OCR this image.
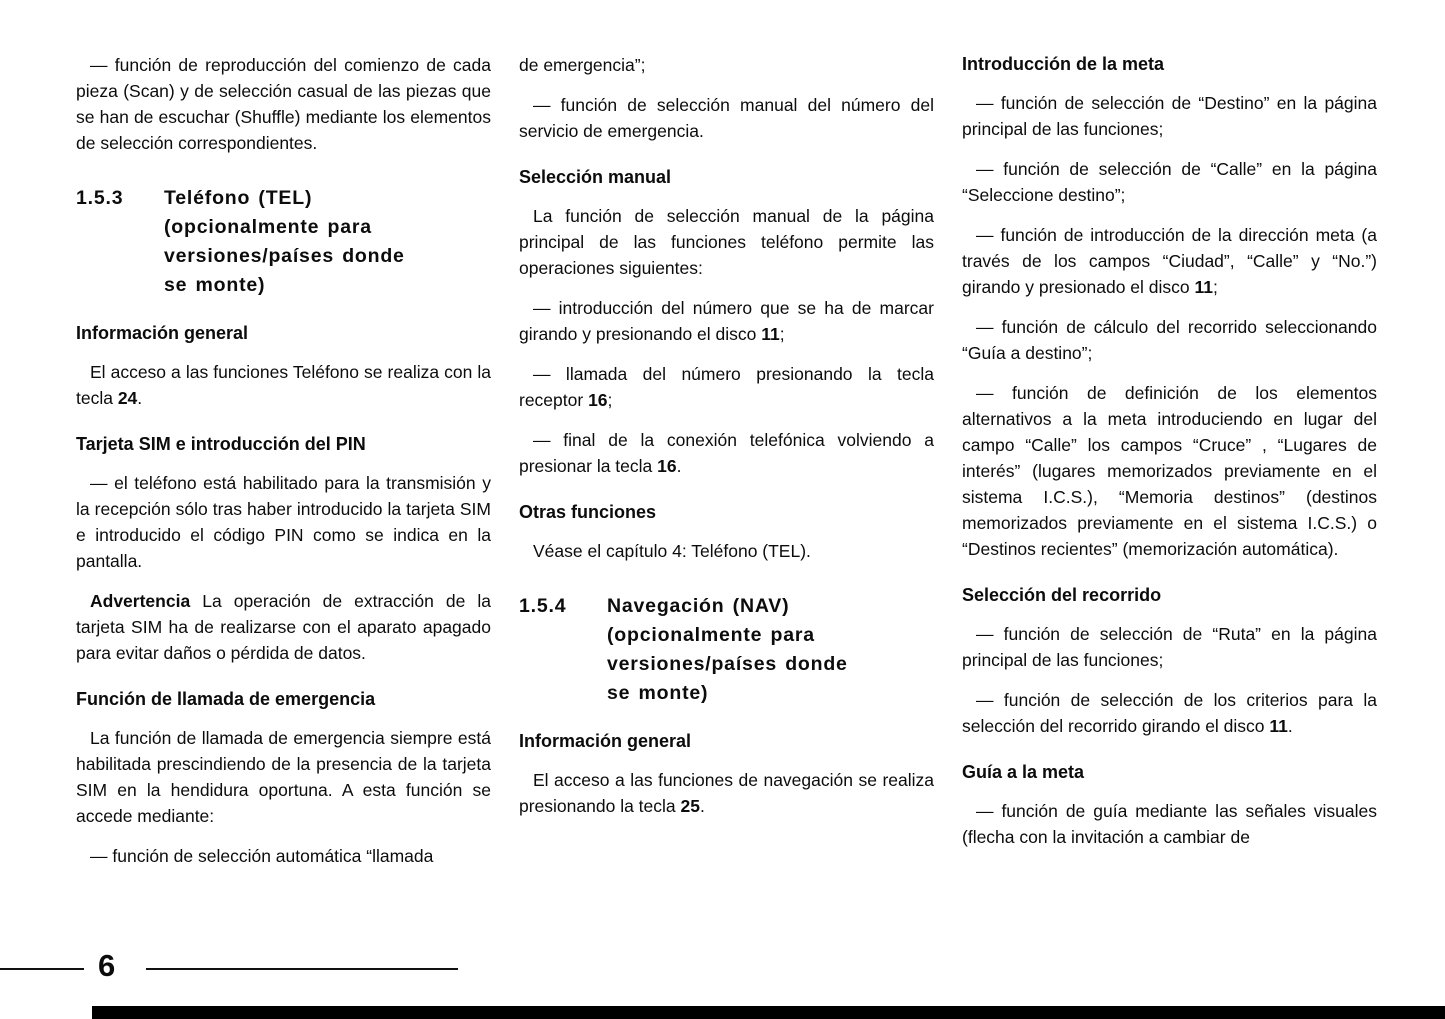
— función de reproducción del comienzo de cada pieza (Scan) y de selección casual de las piezas que se han de escuchar (Shuffle) mediante los elementos de selección correspondientes.

1.5.3	Teléfono (TEL)
(opcionalmente para
versiones/países donde
se monte)
Información general

El acceso a las funciones Teléfono se realiza con la tecla 24.

Tarjeta SIM e introducción del PIN

— el teléfono está habilitado para la transmisión y la recepción sólo tras haber introducido la tarjeta SIM e introducido el código PIN como se indica en la pantalla.

Advertencia La operación de extracción de la tarjeta SIM ha de realizarse con el aparato apagado para evitar daños o pérdida de datos.

Función de llamada de emergencia

La función de llamada de emergencia siempre está habilitada prescindiendo de la presencia de la tarjeta SIM en la hendidura oportuna. A esta función se accede mediante:

— función de selección automática “llamada

de emergencia”;

— función de selección manual del número del servicio de emergencia.

Selección manual

La función de selección manual de la página principal de las funciones teléfono permite las operaciones siguientes:

— introducción del número que se ha de marcar girando y presionando el disco 11;

— llamada del número presionando la tecla receptor 16;

— final de la conexión telefónica volviendo a presionar la tecla 16.

Otras funciones

Véase el capítulo 4: Teléfono (TEL).

1.5.4	Navegación (NAV)
(opcionalmente para
versiones/países donde
se monte)
Información general

El acceso a las funciones de navegación se realiza presionando la tecla 25.

Introducción de la meta

— función de selección de “Destino” en la página principal de las funciones;

— función de selección de “Calle” en la página “Seleccione destino”;

— función de introducción de la dirección meta (a través de los campos “Ciudad”, “Calle” y “No.”) girando y presionado el disco 11;

— función de cálculo del recorrido seleccionando “Guía a destino”;

— función de definición de los elementos alternativos a la meta introduciendo en lugar del campo “Calle” los campos “Cruce” , “Lugares de interés” (lugares memorizados previamente en el sistema I.C.S.), “Memoria destinos” (destinos memorizados previamente en el sistema I.C.S.) o “Destinos recientes” (memorización automática).

Selección del recorrido

— función de selección de “Ruta” en la página principal de las funciones;

— función de selección de los criterios para la selección del recorrido girando el disco 11.

Guía a la meta

— función de guía mediante las señales visuales (flecha con la invitación a cambiar de

6
